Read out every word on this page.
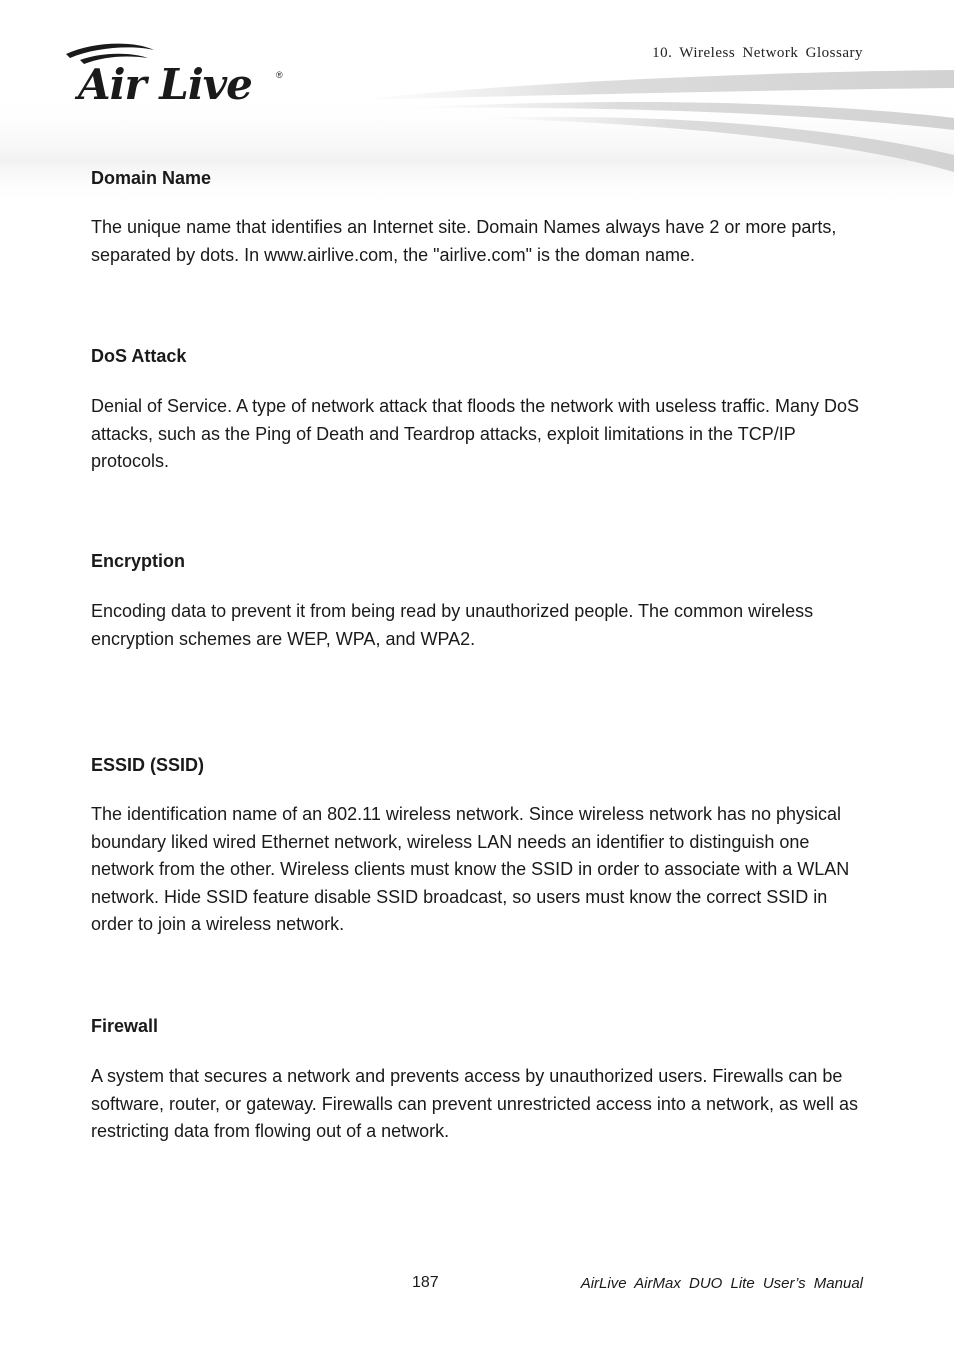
10. Wireless Network Glossary
Air Live	®
Domain Name
The unique name that identifies an Internet site. Domain Names always have 2 or more parts, separated by dots. In www.airlive.com, the "airlive.com" is the doman name.
DoS Attack
Denial of Service. A type of network attack that floods the network with useless traffic. Many DoS attacks, such as the Ping of Death and Teardrop attacks, exploit limitations in the TCP/IP protocols.
Encryption
Encoding data to prevent it from being read by unauthorized people. The common wireless encryption schemes are WEP, WPA, and WPA2.
ESSID (SSID)
The identification name of an 802.11 wireless network. Since wireless network has no physical boundary liked wired Ethernet network, wireless LAN needs an identifier to distinguish one network from the other. Wireless clients must know the SSID in order to associate with a WLAN network. Hide SSID feature disable SSID broadcast, so users must know the correct SSID in order to join a wireless network.
Firewall
A system that secures a network and prevents access by unauthorized users. Firewalls can be software, router, or gateway. Firewalls can prevent unrestricted access into a network, as well as restricting data from flowing out of a network.
187	AirLive AirMax DUO Lite User’s Manual
